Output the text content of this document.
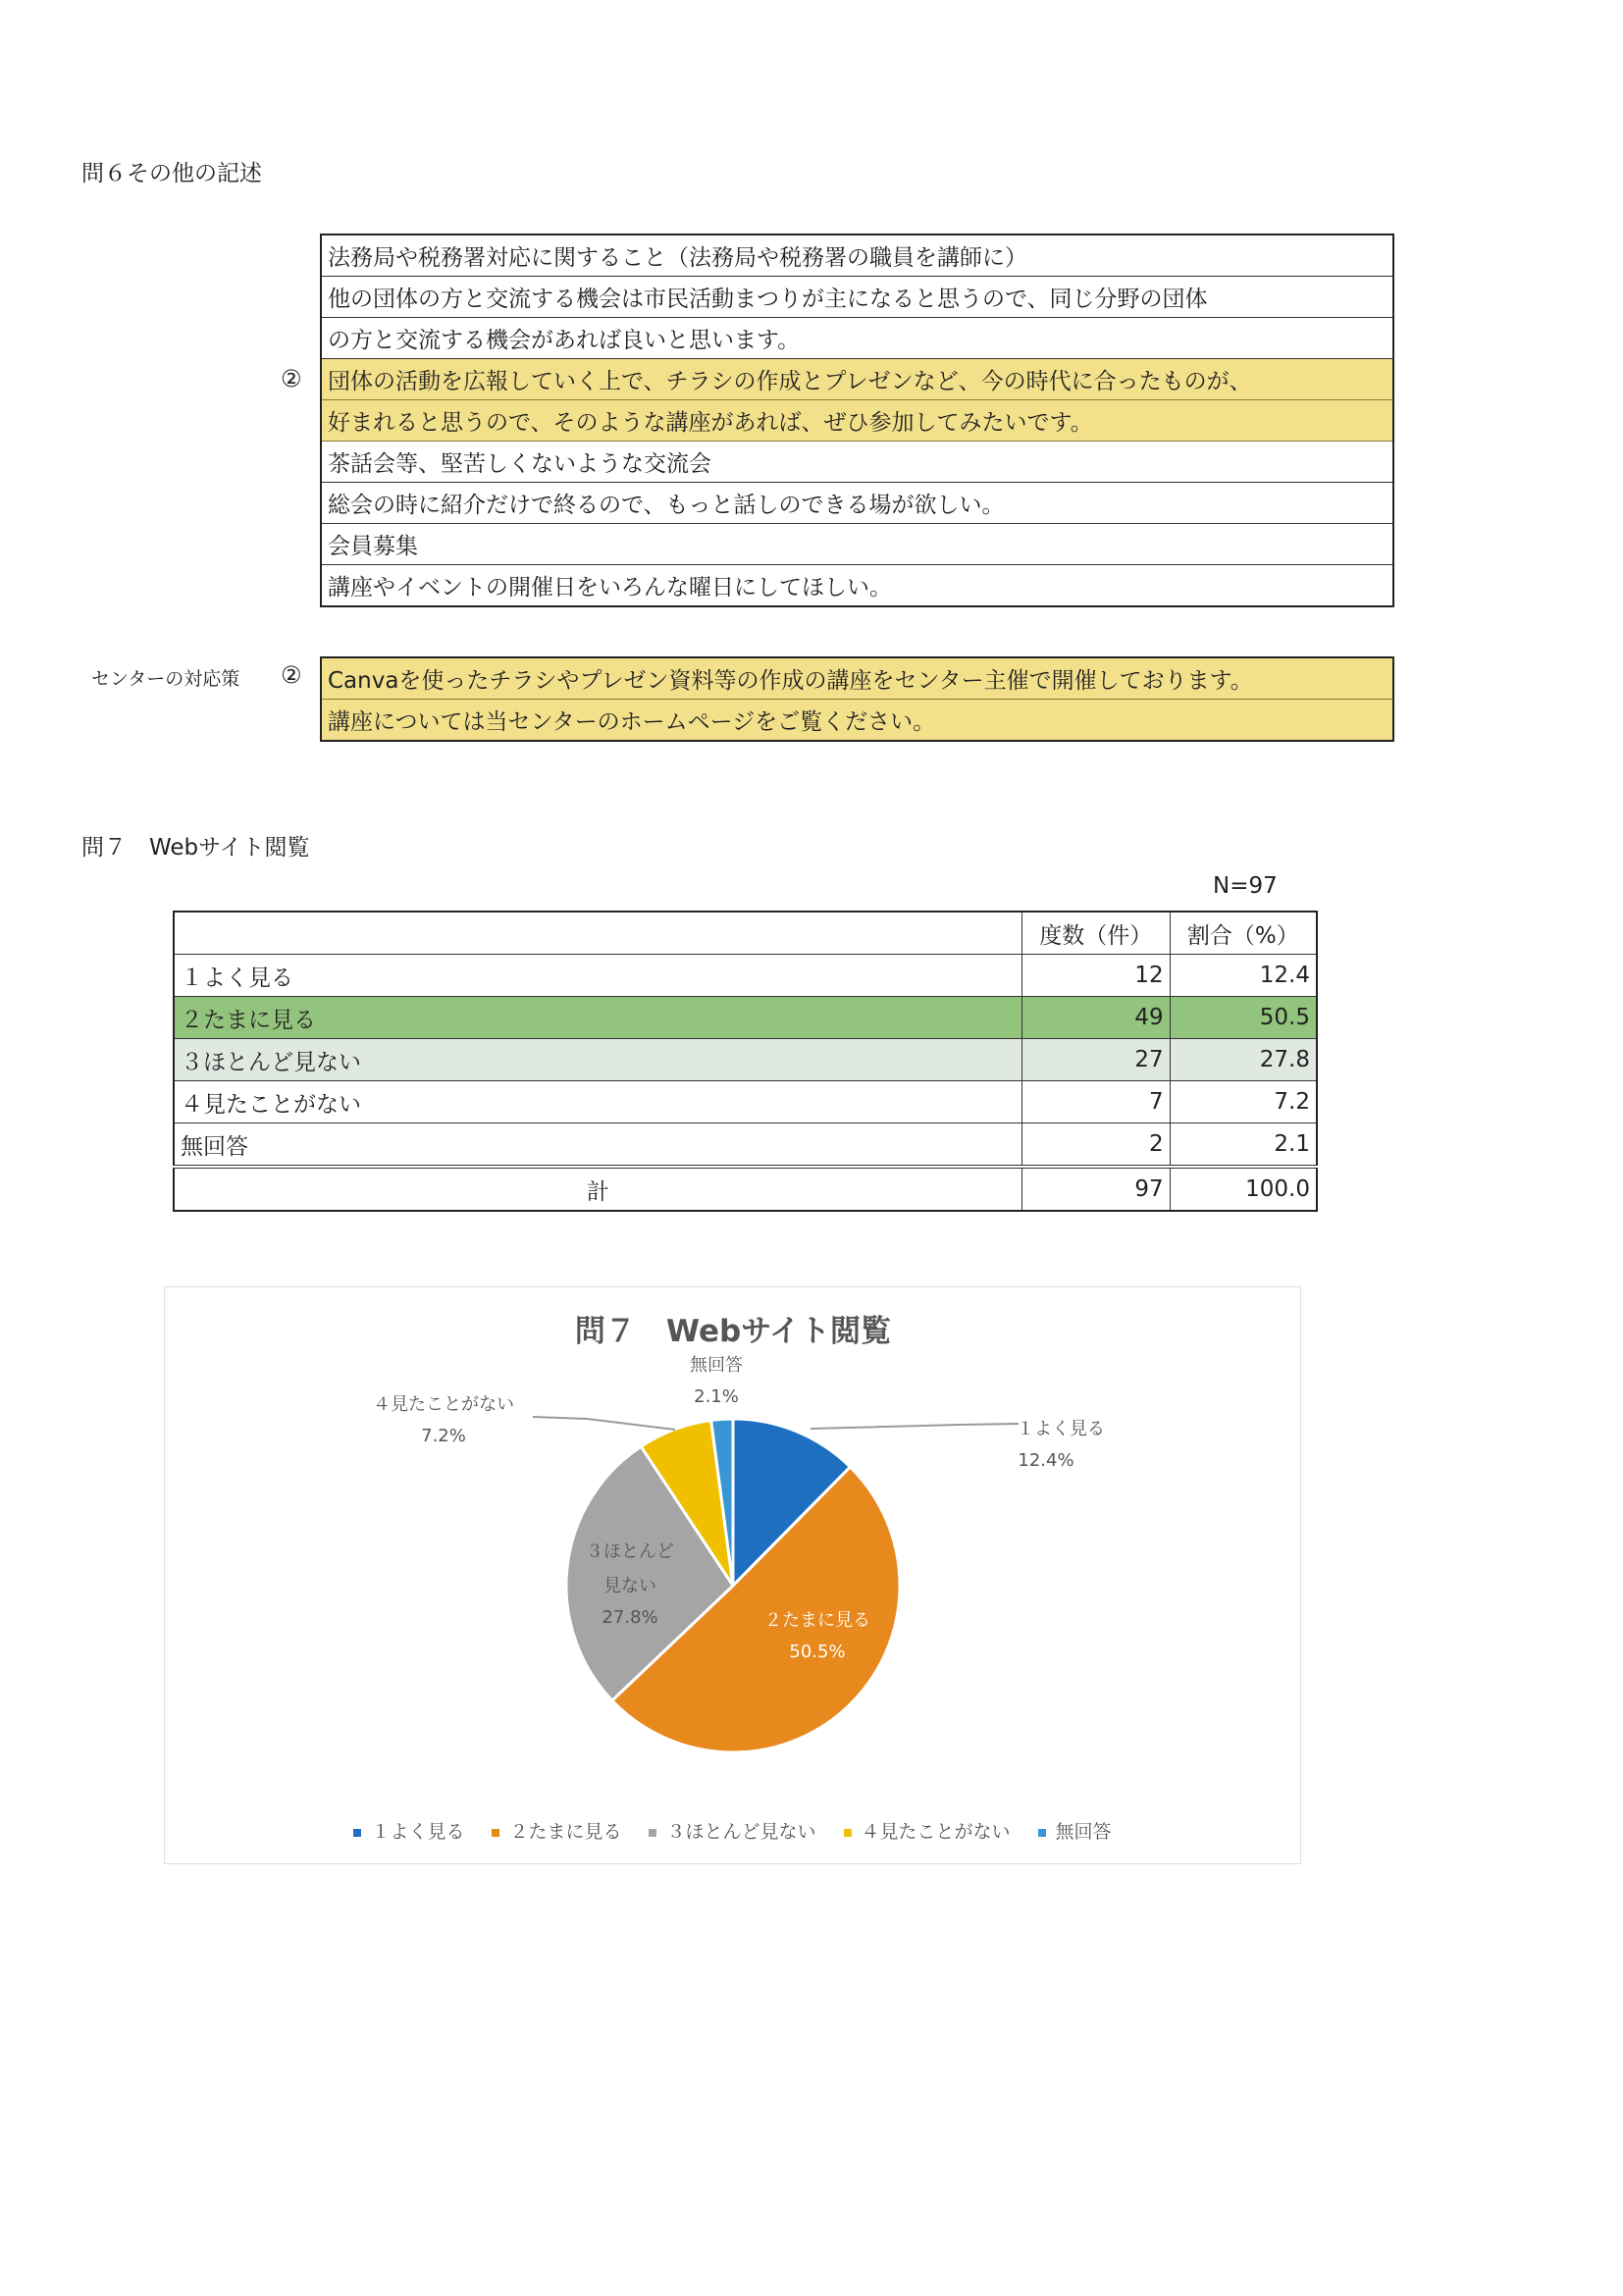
問６その他の記述
②
法務局や税務署対応に関すること（法務局や税務署の職員を講師に）
他の団体の方と交流する機会は市民活動まつりが主になると思うので、同じ分野の団体
の方と交流する機会があれば良いと思います。
団体の活動を広報していく上で、チラシの作成とプレゼンなど、今の時代に合ったものが、
好まれると思うので、そのような講座があれば、ぜひ参加してみたいです。
茶話会等、堅苦しくないような交流会
総会の時に紹介だけで終るので、もっと話しのできる場が欲しい。
会員募集
講座やイベントの開催日をいろんな曜日にしてほしい。
センターの対応策 ② Canvaを使ったチラシやプレゼン資料等の作成の講座をセンター主催で開催しております。
講座については当センターのホームページをご覧ください。
問７　Webサイト閲覧
N=97
	度数（件）	割合（%）
１よく見る	12	12.4
２たまに見る	49	50.5
３ほとんど見ない	27	27.8
４見たことがない	7	7.2
無回答	2	2.1
計	97	100.0
問７　Webサイト閲覧
１よく見る
12.4%
２たまに見る
50.5%
３ほとんど
見ない
27.8%
４見たことがない
7.2%
無回答
2.1%
１よく見る ２たまに見る ３ほとんど見ない ４見たことがない 無回答
